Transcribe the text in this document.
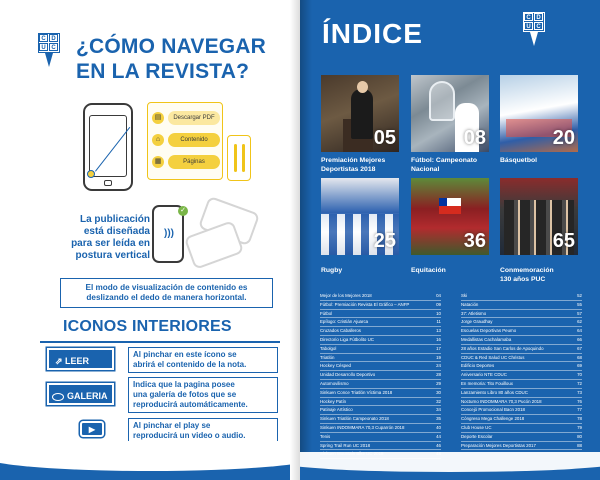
C D
U C ¿CÓMO NAVEGAR
EN LA REVISTA?
▤	Descargar PDF
⌂	Contenido
▦	Páginas
La publicación
está diseñada
para ser leída en
postura vertical
)))
✓

El modo de visualización de contenido es
deslizando el dedo de manera horizontal.

ICONOS INTERIORES
⇗ LEER
Al pinchar en este ícono se
abrirá el contenido de la nota.
GALERIA
Indica que la pagina posee
una galería de fotos que se
reproducirá automáticamente.
▶	Al pinchar el play se
reproducirá un video o audio.
ÍNDICE	C D
U C
05
Premiación Mejores
Deportistas 2018
08
Fútbol: Campeonato
Nacional
20
Básquetbol
25
Rugby
36
Equitación
65
Conmemoración
130 años PUC
Mejor de los Mejores 2018	04
Fútbol: Premiación Revista El Gráfico – ANFP	09
Fútbol	10
Epílogo: Cristián Ajuarca	11
Cruzados Caballeros	13
Directorio Liga Fútbolito UC	16
Tabolgol	17
Triatlón	19
Hockey Césped	24
Unidad Desarrollo Deportivo	28
Automovilismo	29
Sinkuen Conce Triatlón Víctima 2018	30
Hockey Patín	32
Patinaje Artístico	34
Sinkuen Triatlón Campeonato 2018	35
Sinkuen INDOMMARA 70,3 Cuparrón 2018	40
Tenis	44
Spring Trail Run UC 2018	46
Ski	52
Natación	55
37: Atletismo	57
Jorge Graudhay	62
Escuelas Deportivas Peumo	64
Medallistas Cachalamaba	66
28 años Estadio San Carlos de Apoquindo	67
CDUC & Red Salud UC Christus	68
Edificio Deportes	69
Aniversario NTE CDUC	70
En memoria: Tito Fouilloux	72
Lanzamiento Libro 80 años CDUC	73
Nocturno INDOMMARA 70,3 Pucón 2018	76
Concejó Promocional Bacn 2018	77
Cóngreso Mega Challenge 2018	78
Club House UC	79
Deporte Escolar	80
Preparación Mejores Deportistas 2017	88
